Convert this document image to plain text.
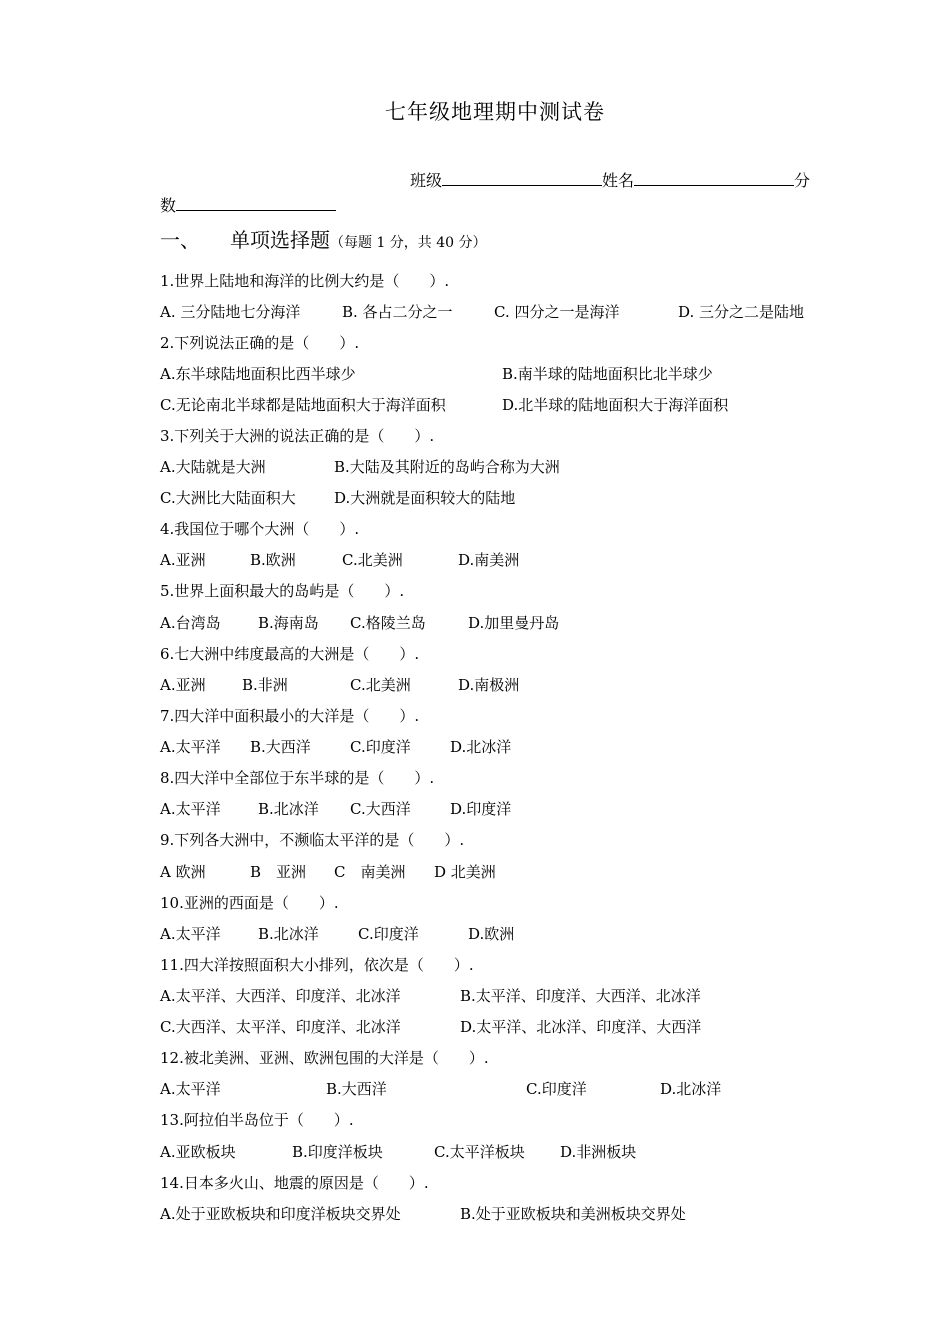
七年级地理期中测试卷
班级	姓名	分
数
一、 单项选择题（每题 1 分，共 40 分）
1.世界上陆地和海洋的比例大约是（　　）.
A. 三分陆地七分海洋	B. 各占二分之一	C. 四分之一是海洋	D. 三分之二是陆地
2.下列说法正确的是（　　）.
A.东半球陆地面积比西半球少	B.南半球的陆地面积比北半球少
C.无论南北半球都是陆地面积大于海洋面积	D.北半球的陆地面积大于海洋面积
3.下列关于大洲的说法正确的是（　　）.
A.大陆就是大洲	B.大陆及其附近的岛屿合称为大洲
C.大洲比大陆面积大	D.大洲就是面积较大的陆地
4.我国位于哪个大洲（　　）.
A.亚洲	B.欧洲	C.北美洲	D.南美洲
5.世界上面积最大的岛屿是（　　）.
A.台湾岛 B.海南岛 C.格陵兰岛	D.加里曼丹岛
6.七大洲中纬度最高的大洲是（　　）.
A.亚洲 B.非洲	C.北美洲	D.南极洲
7.四大洋中面积最小的大洋是（　　）.
A.太平洋 B.大西洋	C.印度洋	D.北冰洋
8.四大洋中全部位于东半球的是（　　）.
A.太平洋 B.北冰洋 C.大西洋	D.印度洋
9.下列各大洲中，不濒临太平洋的是（　　）.
A 欧洲	B　亚洲 C　南美洲 D 北美洲
10.亚洲的西面是（　　）.
A.太平洋 B.北冰洋	C.印度洋	D.欧洲
11.四大洋按照面积大小排列，依次是（　　）.
A.太平洋、大西洋、印度洋、北冰洋	B.太平洋、印度洋、大西洋、北冰洋
C.大西洋、太平洋、印度洋、北冰洋	D.太平洋、北冰洋、印度洋、大西洋
12.被北美洲、亚洲、欧洲包围的大洋是（　　）.
A.太平洋	B.大西洋	C.印度洋	D.北冰洋
13.阿拉伯半岛位于（　　）.
A.亚欧板块	B.印度洋板块	C.太平洋板块 D.非洲板块
14.日本多火山、地震的原因是（　　）.
A.处于亚欧板块和印度洋板块交界处	B.处于亚欧板块和美洲板块交界处
